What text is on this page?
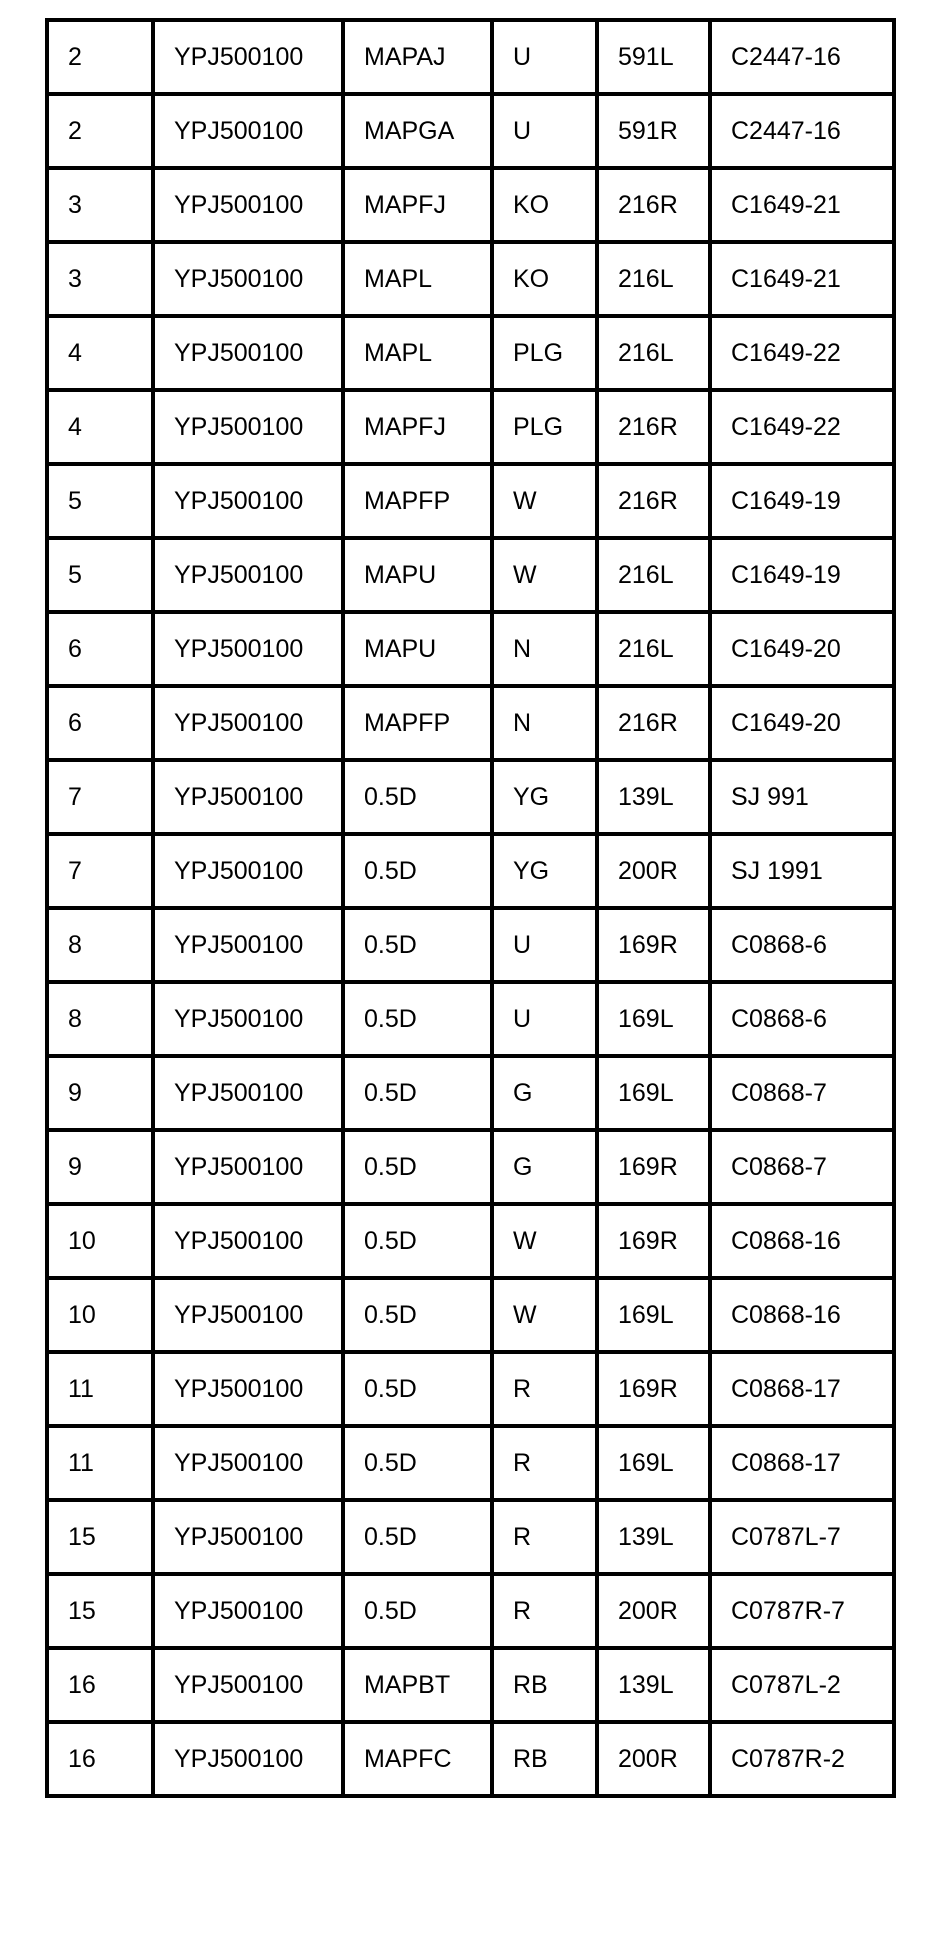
2	YPJ500100	MAPAJ	U	591L	C2447-16
2	YPJ500100	MAPGA	U	591R	C2447-16
3	YPJ500100	MAPFJ	KO	216R	C1649-21
3	YPJ500100	MAPL	KO	216L	C1649-21
4	YPJ500100	MAPL	PLG	216L	C1649-22
4	YPJ500100	MAPFJ	PLG	216R	C1649-22
5	YPJ500100	MAPFP	W	216R	C1649-19
5	YPJ500100	MAPU	W	216L	C1649-19
6	YPJ500100	MAPU	N	216L	C1649-20
6	YPJ500100	MAPFP	N	216R	C1649-20
7	YPJ500100	0.5D	YG	139L	SJ 991
7	YPJ500100	0.5D	YG	200R	SJ 1991
8	YPJ500100	0.5D	U	169R	C0868-6
8	YPJ500100	0.5D	U	169L	C0868-6
9	YPJ500100	0.5D	G	169L	C0868-7
9	YPJ500100	0.5D	G	169R	C0868-7
10	YPJ500100	0.5D	W	169R	C0868-16
10	YPJ500100	0.5D	W	169L	C0868-16
11	YPJ500100	0.5D	R	169R	C0868-17
11	YPJ500100	0.5D	R	169L	C0868-17
15	YPJ500100	0.5D	R	139L	C0787L-7
15	YPJ500100	0.5D	R	200R	C0787R-7
16	YPJ500100	MAPBT	RB	139L	C0787L-2
16	YPJ500100	MAPFC	RB	200R	C0787R-2
